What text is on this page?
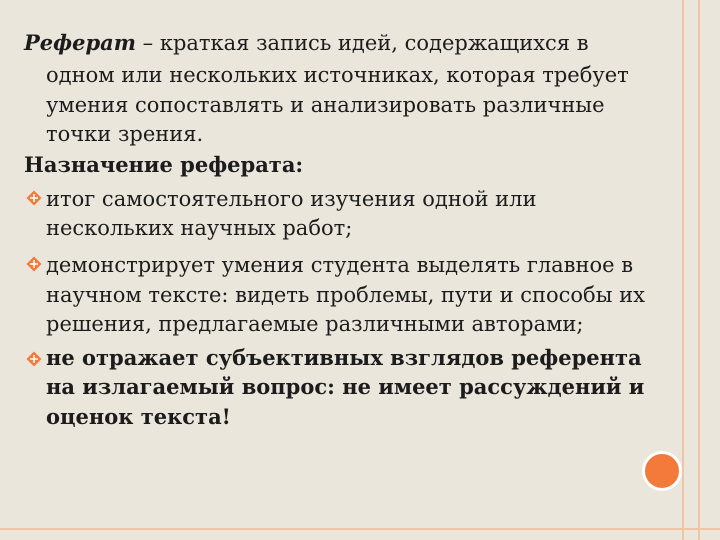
Реферат – краткая запись идей, содержащихся в
одном или нескольких источниках, которая требует
умения сопоставлять и анализировать различные
точки зрения.
Назначение реферата:
итог самостоятельного изучения одной или
нескольких научных работ;
демонстрирует умения студента выделять главное в
научном тексте: видеть проблемы, пути и способы их
решения, предлагаемые различными авторами;
не отражает субъективных взглядов референта
на излагаемый вопрос: не имеет рассуждений и
оценок текста!
